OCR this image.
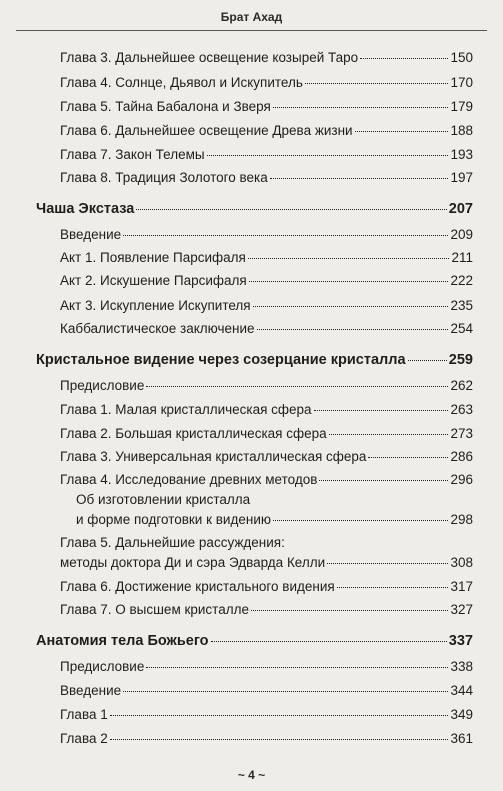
Брат Ахад
Глава 3. Дальнейшее освещение козырей Таро	150
Глава 4. Солнце, Дьявол и Искупитель	170
Глава 5. Тайна Бабалона и Зверя	179
Глава 6. Дальнейшее освещение Древа жизни	188
Глава 7. Закон Телемы	193
Глава 8. Традиция Золотого века	197
Чаша Экстаза	207
Введение	209
Акт 1. Появление Парсифаля	211
Акт 2. Искушение Парсифаля	222
Акт 3. Искупление Искупителя	235
Каббалистическое заключение	254
Кристальное видение через созерцание кристалла	259
Предисловие	262
Глава 1. Малая кристаллическая сфера	263
Глава 2. Большая кристаллическая сфера	273
Глава 3. Универсальная кристаллическая сфера	286
Глава 4. Исследование древних методов	296
Об изготовлении кристалла
и форме подготовки к видению	298
Глава 5. Дальнейшие рассуждения:
методы доктора Ди и сэра Эдварда Келли	308
Глава 6. Достижение кристального видения	317
Глава 7. О высшем кристалле	327
Анатомия тела Божьего	337
Предисловие	338
Введение	344
Глава 1	349
Глава 2	361
~ 4 ~
